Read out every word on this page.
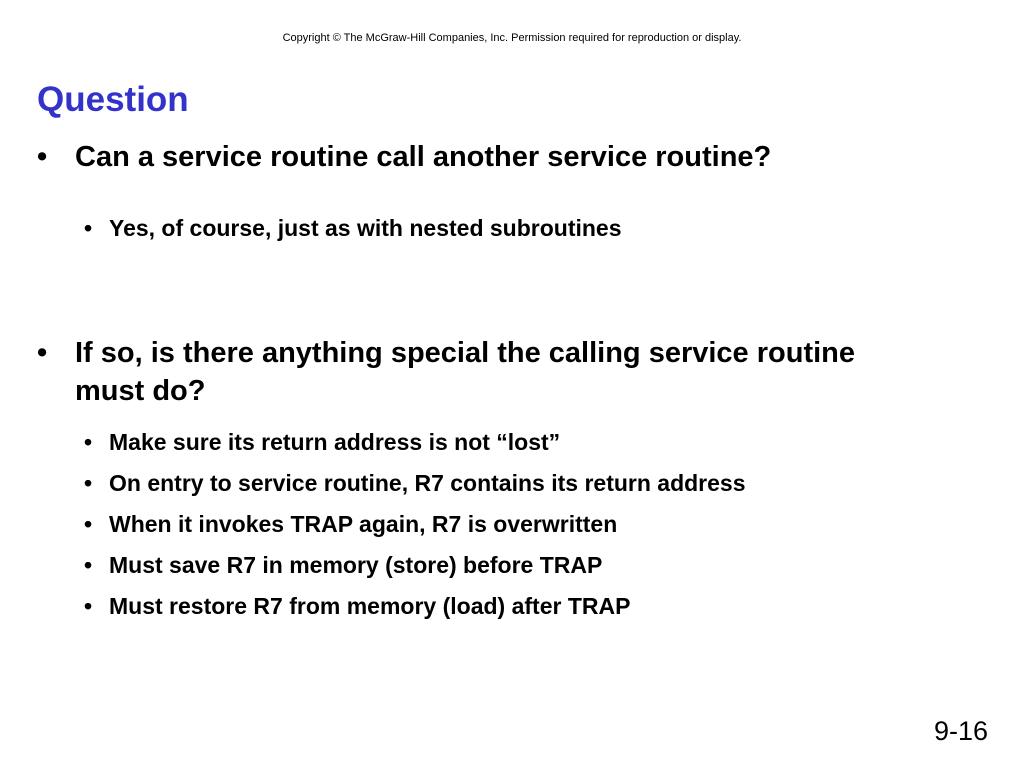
Copyright © The McGraw-Hill Companies, Inc. Permission required for reproduction or display.
Question
• Can a service routine call another service routine?
• Yes, of course, just as with nested subroutines
• If so, is there anything special the calling service routine must do?
• Make sure its return address is not “lost”
• On entry to service routine, R7 contains its return address
• When it invokes TRAP again, R7 is overwritten
• Must save R7 in memory (store) before TRAP
• Must restore R7 from memory (load) after TRAP
9-16
